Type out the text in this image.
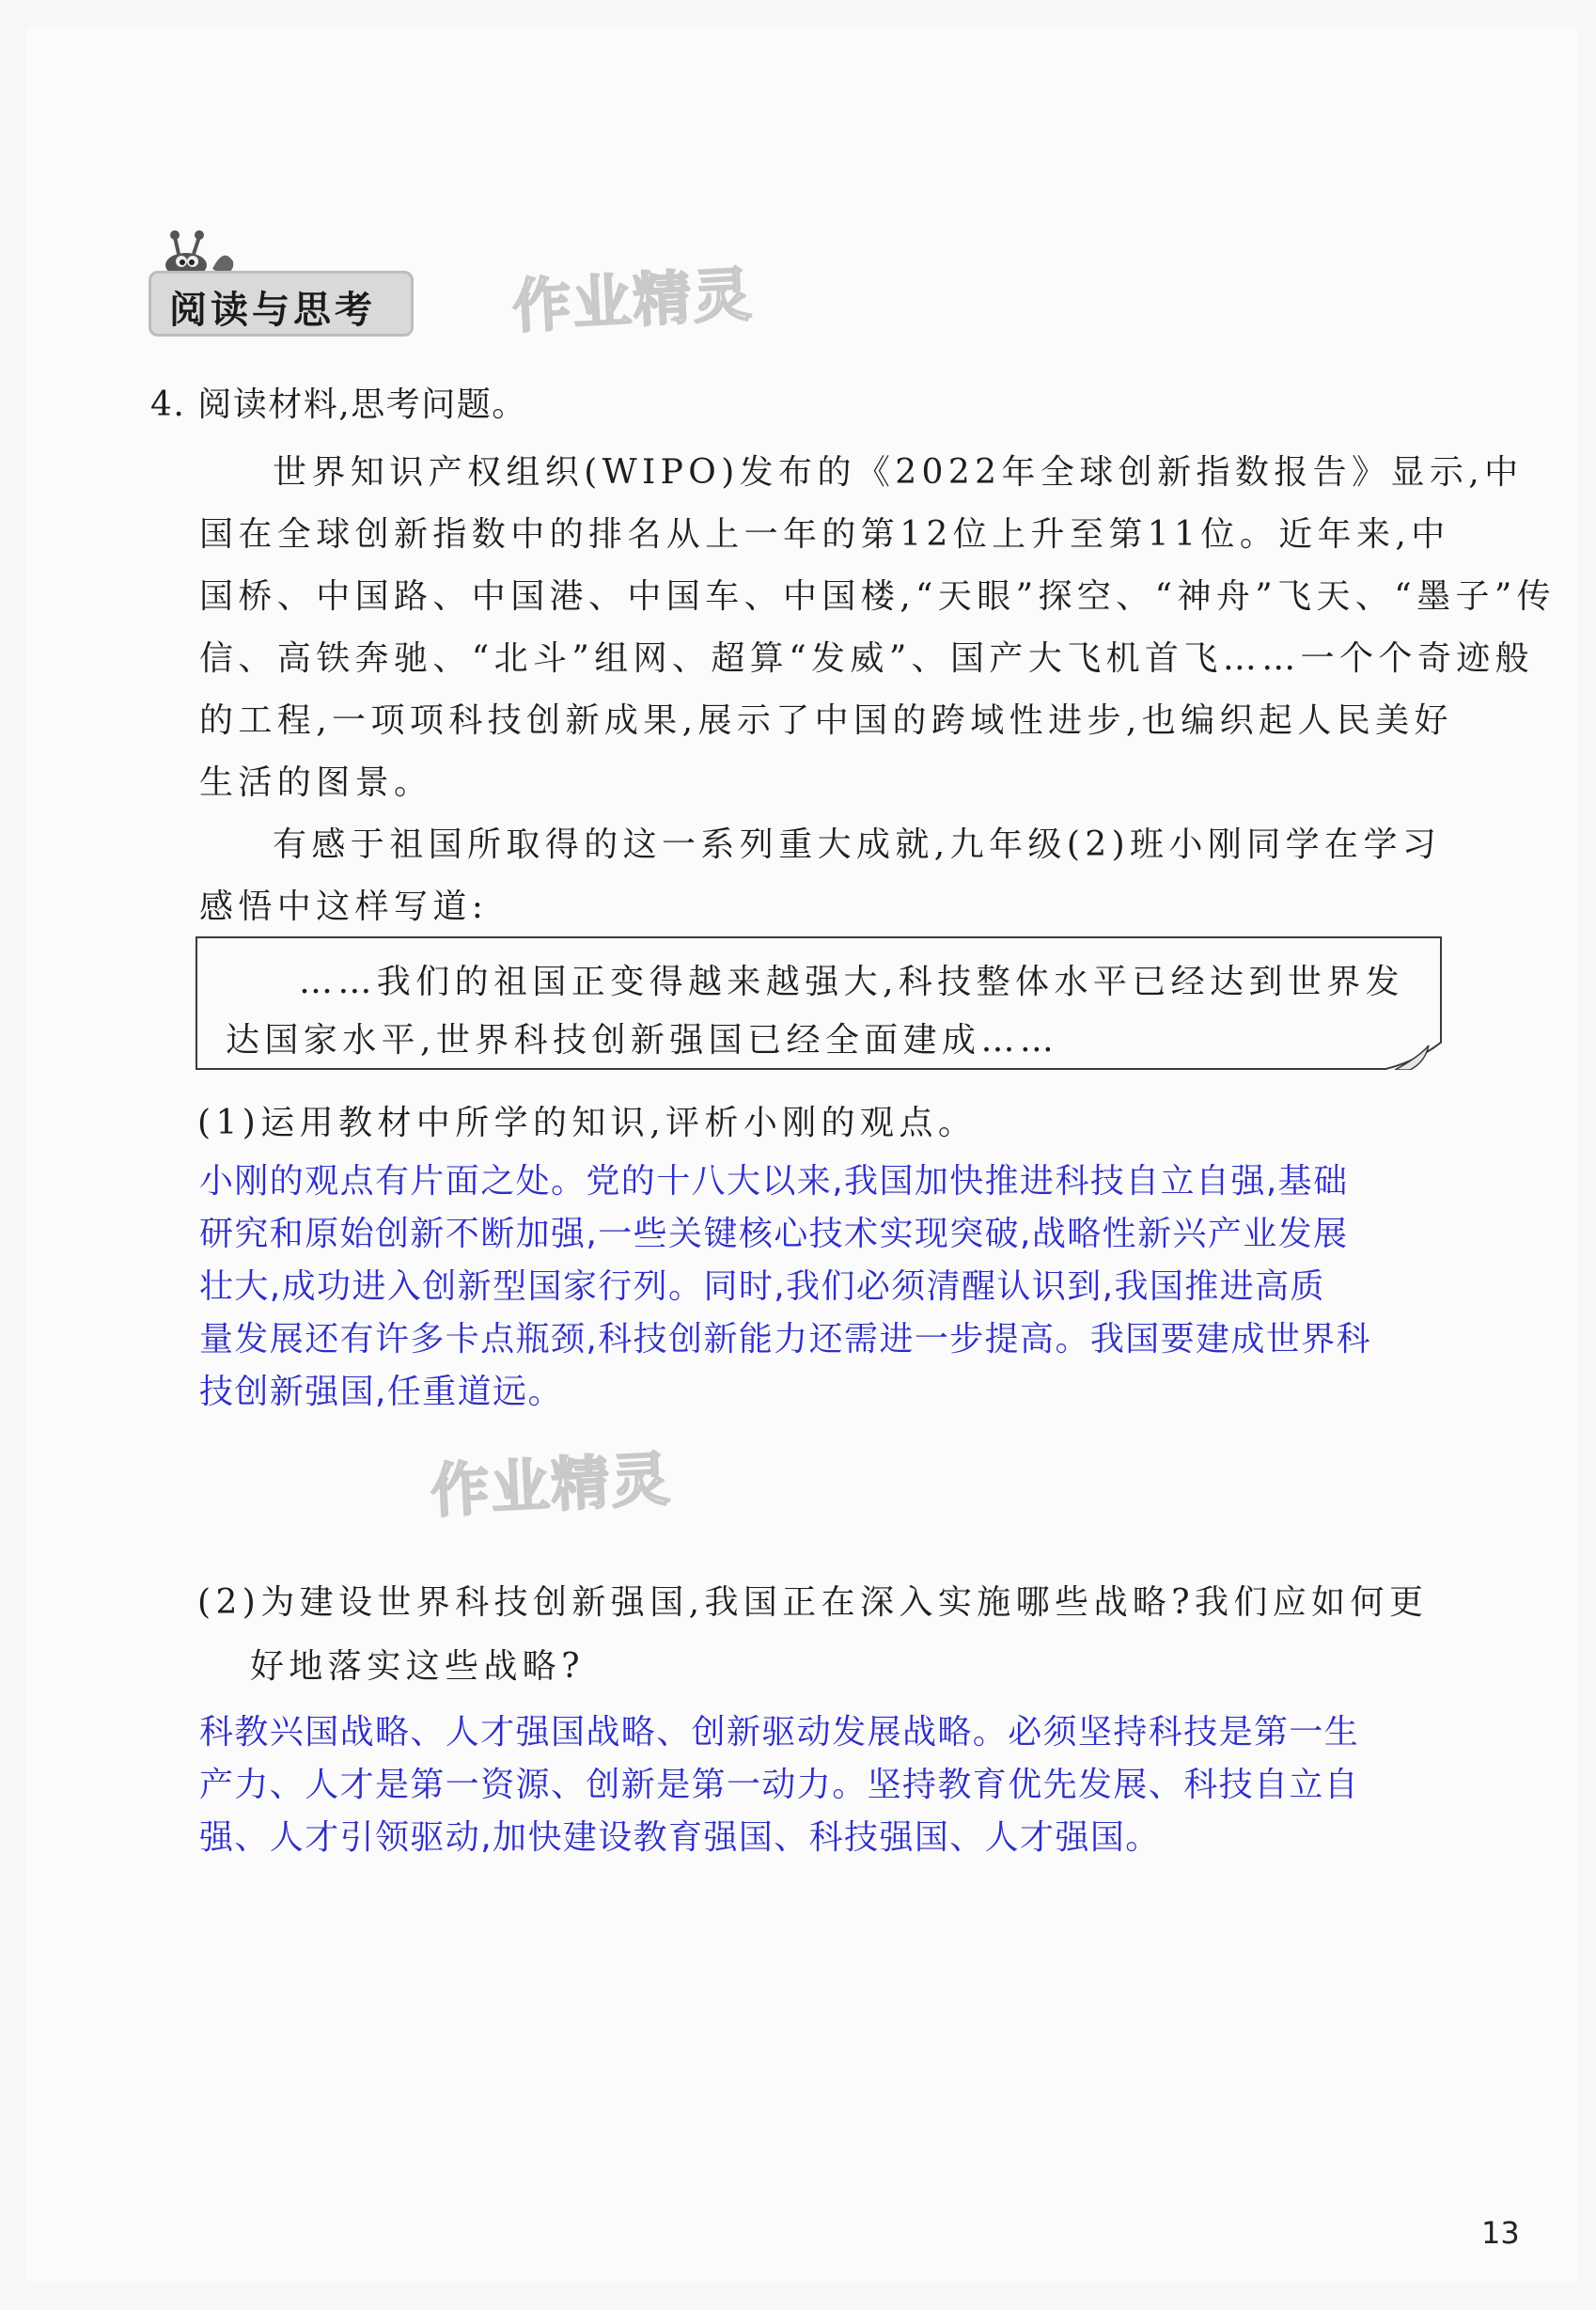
阅读与思考 作业精灵
4. 阅读材料,思考问题。
世界知识产权组织(WIPO)发布的《2022年全球创新指数报告》显示,中
国在全球创新指数中的排名从上一年的第12位上升至第11位。近年来,中
国桥、中国路、中国港、中国车、中国楼,“天眼”探空、“神舟”飞天、“墨子”传
信、高铁奔驰、“北斗”组网、超算“发威”、国产大飞机首飞……一个个奇迹般
的工程,一项项科技创新成果,展示了中国的跨域性进步,也编织起人民美好
生活的图景。
有感于祖国所取得的这一系列重大成就,九年级(2)班小刚同学在学习
感悟中这样写道:
……我们的祖国正变得越来越强大,科技整体水平已经达到世界发
达国家水平,世界科技创新强国已经全面建成……
(1)运用教材中所学的知识,评析小刚的观点。
小刚的观点有片面之处。党的十八大以来,我国加快推进科技自立自强,基础
研究和原始创新不断加强,一些关键核心技术实现突破,战略性新兴产业发展
壮大,成功进入创新型国家行列。同时,我们必须清醒认识到,我国推进高质
量发展还有许多卡点瓶颈,科技创新能力还需进一步提高。我国要建成世界科
技创新强国,任重道远。
作业精灵
(2)为建设世界科技创新强国,我国正在深入实施哪些战略?我们应如何更
好地落实这些战略?
科教兴国战略、人才强国战略、创新驱动发展战略。必须坚持科技是第一生
产力、人才是第一资源、创新是第一动力。坚持教育优先发展、科技自立自
强、人才引领驱动,加快建设教育强国、科技强国、人才强国。
13
